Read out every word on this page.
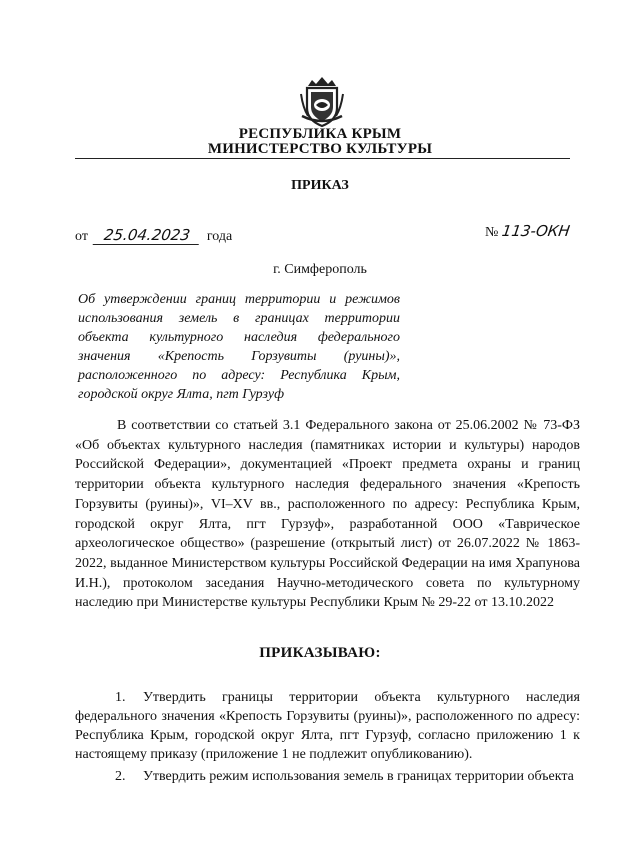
РЕСПУБЛИКА КРЫМ
МИНИСТЕРСТВО КУЛЬТУРЫ
ПРИКАЗ
от 25.04.2023 года	№ 113-ОКН
г. Симферополь
Об утверждении границ территории и режимов использования земель в границах территории объекта культурного наследия федерального значения «Крепость Горзувиты (руины)», расположенного по адресу: Республика Крым, городской округ Ялта, пгт Гурзуф
В соответствии со статьей 3.1 Федерального закона от 25.06.2002 № 73-ФЗ «Об объектах культурного наследия (памятниках истории и культуры) народов Российской Федерации», документацией «Проект предмета охраны и границ территории объекта культурного наследия федерального значения «Крепость Горзувиты (руины)», VI–XV вв., расположенного по адресу: Республика Крым, городской округ Ялта, пгт Гурзуф», разработанной ООО «Таврическое археологическое общество» (разрешение (открытый лист) от 26.07.2022 № 1863-2022, выданное Министерством культуры Российской Федерации на имя Храпунова И.Н.), протоколом заседания Научно-методического совета по культурному наследию при Министерстве культуры Республики Крым № 29-22 от 13.10.2022
ПРИКАЗЫВАЮ:
1. Утвердить границы территории объекта культурного наследия федерального значения «Крепость Горзувиты (руины)», расположенного по адресу: Республика Крым, городской округ Ялта, пгт Гурзуф, согласно приложению 1 к настоящему приказу (приложение 1 не подлежит опубликованию).
2. Утвердить режим использования земель в границах территории объекта
